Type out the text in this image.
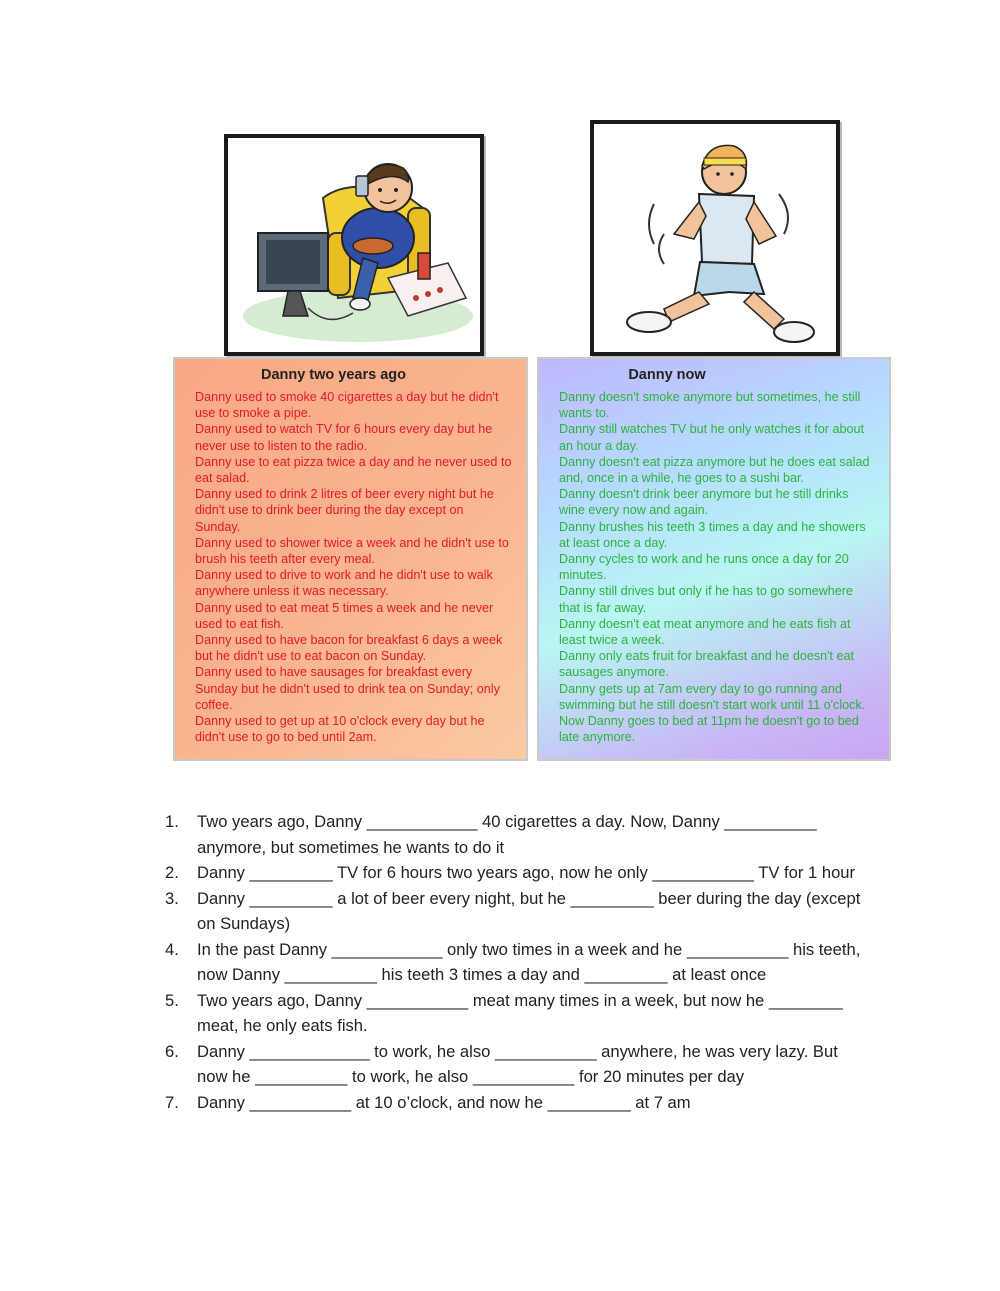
Danny two years ago

Danny used to smoke 40 cigarettes a day but he didn't use to smoke a pipe.

Danny used to watch TV for 6 hours every day but he never use to listen to the radio.

Danny use to eat pizza twice a day and he never used to eat salad.

Danny used to drink 2 litres of beer every night but he didn't use to drink beer during the day except on Sunday.

Danny used to shower twice a week and he didn't use to brush his teeth after every meal.

Danny used to drive to work and he didn't use to walk anywhere unless it was necessary.

Danny used to eat meat 5 times a week and he never used to eat fish.

Danny used to have bacon for breakfast 6 days a week but he didn't use to eat bacon on Sunday.

Danny used to have sausages for breakfast every Sunday but he didn't used to drink tea on Sunday; only coffee.

Danny used to get up at 10 o'clock every day but he didn't use to go to bed until 2am.

Danny now

Danny doesn't smoke anymore but sometimes, he still wants to.

Danny still watches TV but he only watches it for about an hour a day.

Danny doesn't eat pizza anymore but he does eat salad and, once in a while, he goes to a sushi bar.

Danny doesn't drink beer anymore but he still drinks wine every now and again.

Danny brushes his teeth 3 times a day and he showers at least once a day.

Danny cycles to work and he runs once a day for 20 minutes.

Danny still drives but only if he has to go somewhere that is far away.

Danny doesn't eat meat anymore and he eats fish at least twice a week.

Danny only eats fruit for breakfast and he doesn't eat sausages anymore.

Danny gets up at 7am every day to go running and swimming but he still doesn't start work until 11 o'clock.

Now Danny goes to bed at 11pm he doesn't go to bed late anymore.

1. Two years ago, Danny ____________ 40 cigarettes a day. Now, Danny __________ anymore, but sometimes he wants to do it
2. Danny _________ TV for 6 hours two years ago, now he only ___________ TV for 1 hour
3. Danny _________ a lot of beer every night, but he _________ beer during the day (except on Sundays)
4. In the past Danny ____________ only two times in a week and he ___________ his teeth, now Danny __________ his teeth 3 times a day and _________ at least once
5. Two years ago, Danny ___________ meat many times in a week, but now he ________ meat, he only eats fish.
6. Danny _____________ to work, he also ___________ anywhere, he was very lazy. But now he __________ to work, he also ___________ for 20 minutes per day
7. Danny ___________ at 10 o’clock, and now he _________ at 7 am
